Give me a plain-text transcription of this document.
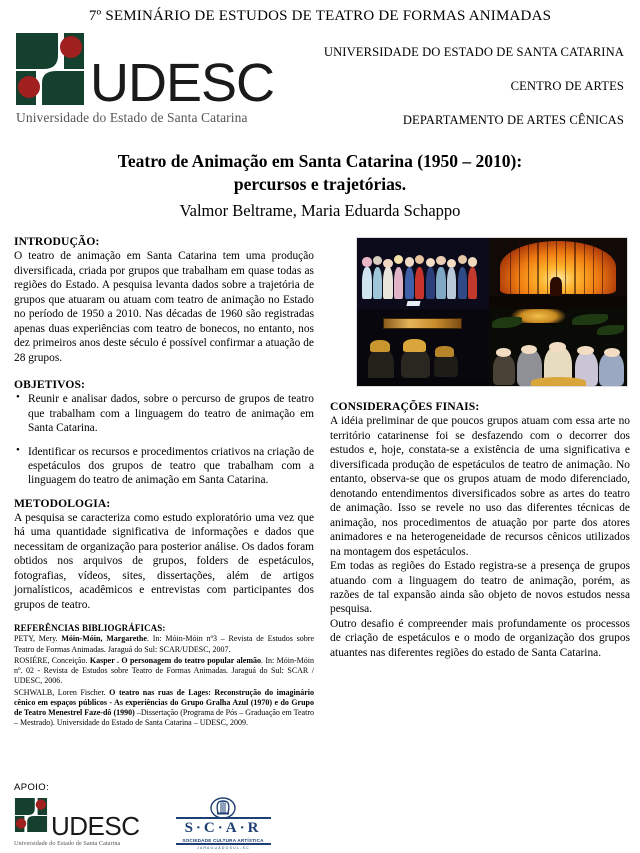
7º SEMINÁRIO DE ESTUDOS DE TEATRO DE FORMAS ANIMADAS
UDESC
Universidade do Estado de Santa Catarina
UNIVERSIDADE DO ESTADO DE SANTA CATARINA
CENTRO DE ARTES
DEPARTAMENTO DE ARTES CÊNICAS
Teatro de Animação em Santa Catarina (1950 – 2010):
percursos e trajetórias.
Valmor Beltrame, Maria Eduarda Schappo
INTRODUÇÃO:

O teatro de animação em Santa Catarina tem uma produção diversificada, criada por grupos que trabalham em quase todas as regiões do Estado. A pesquisa levanta dados sobre a trajetória de grupos que atuaram ou atuam com teatro de animação no Estado no período de 1950 a 2010. Nas décadas de 1960 são registradas apenas duas experiências com teatro de bonecos, no entanto, nos dez primeiros anos deste século é possível confirmar a atuação de 28 grupos.

OBJETIVOS:
• Reunir e analisar dados, sobre o percurso de grupos de teatro que trabalham com a linguagem do teatro de animação em Santa Catarina.
• Identificar os recursos e procedimentos criativos na criação de espetáculos dos grupos de teatro que trabalham com a linguagem do teatro de animação em Santa Catarina.
METODOLOGIA:

A pesquisa se caracteriza como estudo exploratório uma vez que há uma quantidade significativa de informações e dados que necessitam de organização para posterior análise. Os dados foram obtidos nos arquivos de grupos, folders de espetáculos, fotografias, vídeos, sites, dissertações, além de artigos jornalísticos, acadêmicos e entrevistas com participantes dos grupos de teatro.

REFERÊNCIAS BIBLIOGRÁFICAS:
PETY, Mery. Móin-Móin, Margarethe. In: Móin-Móin nº3 – Revista de Estudos sobre Teatro de Formas Animadas. Jaraguá do Sul: SCAR/UDESC, 2007.
ROSIÉRE, Conceição. Kasper . O personagem do teatro popular alemão. In: Móin-Móin nº. 02 - Revista de Estudos sobre Teatro de Formas Animadas. Jaraguá do Sul: SCAR / UDESC, 2006.
SCHWALB, Loren Fischer. O teatro nas ruas de Lages: Reconstrução do imaginário cênico em espaços públicos - As experiências do Grupo Gralha Azul (1970) e do Grupo de Teatro Menestrel Faze-dô (1990) –Dissertação (Programa de Pós – Graduação em Teatro – Mestrado). Universidade do Estado de Santa Catarina – UDESC, 2009.
CONSIDERAÇÕES FINAIS:

A idéia preliminar de que poucos grupos atuam com essa arte no território catarinense foi se desfazendo com o decorrer dos estudos e, hoje, constata-se a existência de uma significativa e diversificada produção de espetáculos de teatro de animação. No entanto, observa-se que os grupos atuam de modo diferenciado, denotando entendimentos diversificados sobre as artes do teatro de animação. Isso se revele no uso das diferentes técnicas de animação, nos procedimentos de atuação por parte dos atores animadores e na heterogeneidade de recursos cênicos utilizados na montagem dos espetáculos.

Em todas as regiões do Estado registra-se a presença de grupos atuando com a linguagem do teatro de animação, porém, as razões de tal expansão ainda são objeto de novos estudos nessa pesquisa.

Outro desafio é compreender mais profundamente os processos de criação de espetáculos e o modo de organização dos grupos atuantes nas diferentes regiões do estado de Santa Catarina.

APOIO:
UDESC
Universidade do Estado de Santa Catarina
S·C·A·R
SOCIEDADE CULTURA ARTÍSTICA
J A R A G U Á D O S U L - S C
